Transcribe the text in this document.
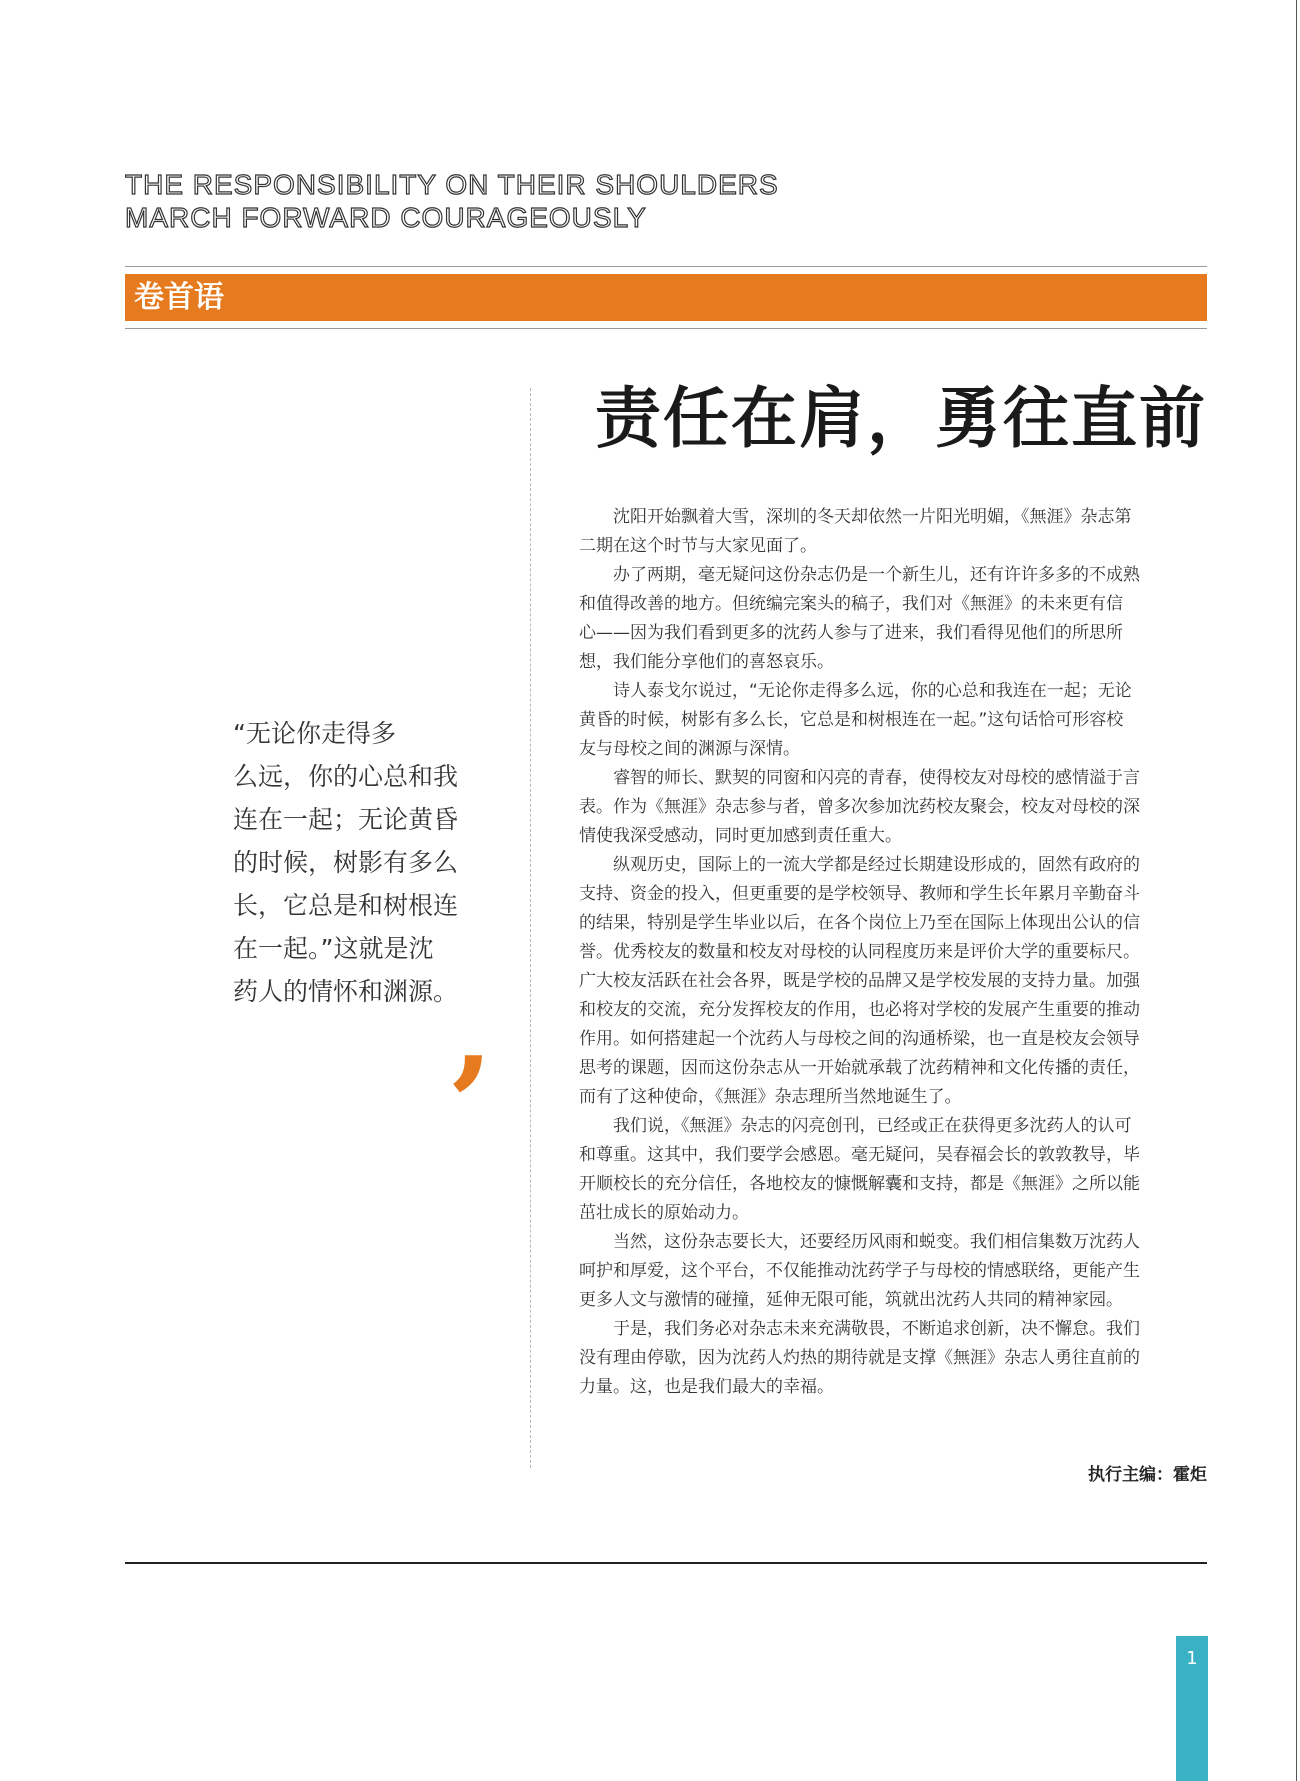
THE RESPONSIBILITY ON THEIR SHOULDERS
MARCH FORWARD COURAGEOUSLY
卷首语
责任在肩，勇往直前
“无论你走得多
么远，你的心总和我
连在一起；无论黄昏
的时候，树影有多么
长，它总是和树根连
在一起。”这就是沈
药人的情怀和渊源。
’

　　沈阳开始飘着大雪，深圳的冬天却依然一片阳光明媚，《無涯》杂志第
二期在这个时节与大家见面了。

　　办了两期，毫无疑问这份杂志仍是一个新生儿，还有许许多多的不成熟
和值得改善的地方。但统编完案头的稿子，我们对《無涯》的未来更有信
心——因为我们看到更多的沈药人参与了进来，我们看得见他们的所思所
想，我们能分享他们的喜怒哀乐。

　　诗人泰戈尔说过，“无论你走得多么远，你的心总和我连在一起；无论
黄昏的时候，树影有多么长，它总是和树根连在一起。”这句话恰可形容校
友与母校之间的渊源与深情。

　　睿智的师长、默契的同窗和闪亮的青春，使得校友对母校的感情溢于言
表。作为《無涯》杂志参与者，曾多次参加沈药校友聚会，校友对母校的深
情使我深受感动，同时更加感到责任重大。

　　纵观历史，国际上的一流大学都是经过长期建设形成的，固然有政府的
支持、资金的投入，但更重要的是学校领导、教师和学生长年累月辛勤奋斗
的结果，特别是学生毕业以后，在各个岗位上乃至在国际上体现出公认的信
誉。优秀校友的数量和校友对母校的认同程度历来是评价大学的重要标尺。
广大校友活跃在社会各界，既是学校的品牌又是学校发展的支持力量。加强
和校友的交流，充分发挥校友的作用，也必将对学校的发展产生重要的推动
作用。如何搭建起一个沈药人与母校之间的沟通桥梁，也一直是校友会领导
思考的课题，因而这份杂志从一开始就承载了沈药精神和文化传播的责任，
而有了这种使命，《無涯》杂志理所当然地诞生了。

　　我们说，《無涯》杂志的闪亮创刊，已经或正在获得更多沈药人的认可
和尊重。这其中，我们要学会感恩。毫无疑问，吴春福会长的敦敦教导，毕
开顺校长的充分信任，各地校友的慷慨解囊和支持，都是《無涯》之所以能
茁壮成长的原始动力。

　　当然，这份杂志要长大，还要经历风雨和蜕变。我们相信集数万沈药人
呵护和厚爱，这个平台，不仅能推动沈药学子与母校的情感联络，更能产生
更多人文与激情的碰撞，延伸无限可能，筑就出沈药人共同的精神家园。

　　于是，我们务必对杂志未来充满敬畏，不断追求创新，决不懈怠。我们
没有理由停歇，因为沈药人灼热的期待就是支撑《無涯》杂志人勇往直前的
力量。这，也是我们最大的幸福。

执行主编：霍炬
1
